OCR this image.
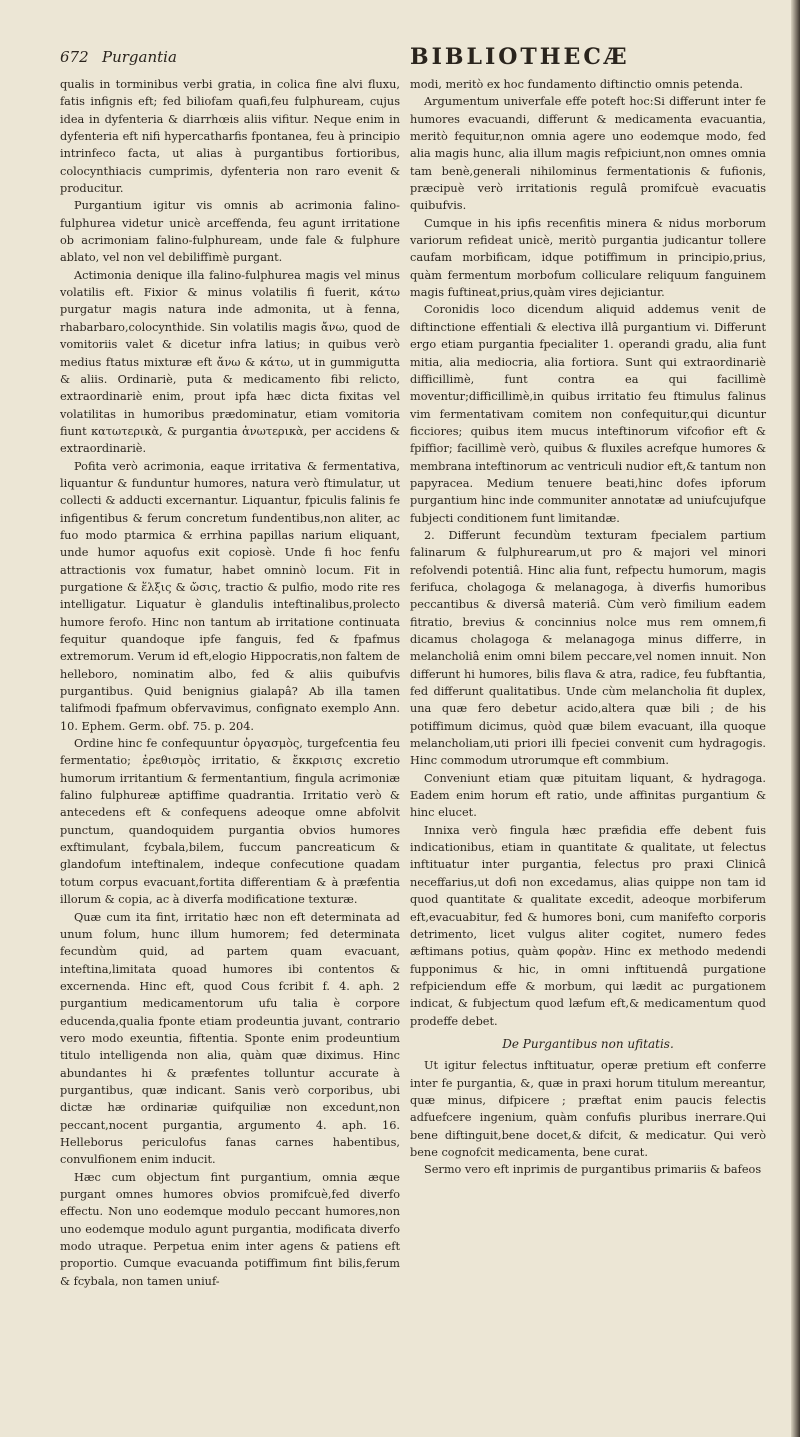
672 Purgantia	BIBLIOTHECÆ

qualis in torminibus verbi gratia, in colica fine alvi fluxu, fatis infignis eft; fed biliofam quafi,feu fulphuream, cujus idea in dyfenteria & diarrhœis aliis vifitur. Neque enim in dyfenteria eft nifi hypercatharfis fpontanea, feu à principio intrinfeco facta, ut alias à purgantibus fortioribus, colocynthiacis cumprimis, dyfenteria non raro evenit & producitur.

Purgantium igitur vis omnis ab acrimonia falino-fulphurea videtur unicè arceffenda, feu agunt irritatione ob acrimoniam falino-fulphuream, unde fale & fulphure ablato, vel non vel debiliffimè purgant.

Actimonia denique illa falino-fulphurea magis vel minus volatilis eft. Fixior & minus volatilis fi fuerit, κάτω purgatur magis natura inde admonita, ut à fenna, rhabarbaro,colocynthide. Sin volatilis magis ἄνω, quod de vomitoriis valet & dicetur infra latius; in quibus verò medius ftatus mixturæ eft ἄνω & κάτω, ut in gummigutta & aliis. Ordinariè, puta & medicamento fibi relicto, extraordinariè enim, prout ipfa hæc dicta fixitas vel volatilitas in humoribus prædominatur, etiam vomitoria fiunt κατωτερικὰ, & purgantia ἀνωτερικὰ, per accidens & extraordinariè.

Pofita verò acrimonia, eaque irritativa & fermentativa, liquantur & funduntur humores, natura verò ftimulatur, ut collecti & adducti excernantur. Liquantur, fpiculis falinis fe infigentibus & ferum concretum fundentibus,non aliter, ac fuo modo ptarmica & errhina papillas narium eliquant, unde humor aquofus exit copiosè. Unde fi hoc fenfu attractionis vox fumatur, habet omninò locum. Fit in purgatione & ἕλξις & ὤσις, tractio & pulfio, modo rite res intelligatur. Liquatur è glandulis inteftinalibus,prolecto humore ferofo. Hinc non tantum ab irritatione continuata fequitur quandoque ipfe fanguis, fed & fpafmus extremorum. Verum id eft,elogio Hippocratis,non faltem de helleboro, nominatim albo, fed & aliis quibufvis purgantibus. Quid benignius gialapâ? Ab illa tamen talifmodi fpafmum obfervavimus, confignato exemplo Ann. 10. Ephem. Germ. obf. 75. p. 204.

Ordine hinc fe confequuntur ὀργασμὸς, turgefcentia feu fermentatio; ἐρεθισμὸς irritatio, & ἔκκρισις excretio humorum irritantium & fermentantium, fingula acrimoniæ falino fulphureæ aptiffime quadrantia. Irritatio verò & antecedens eft & confequens adeoque omne abfolvit punctum, quandoquidem purgantia obvios humores exftimulant, fcybala,bilem, fuccum pancreaticum & glandofum inteftinalem, indeque confecutione quadam totum corpus evacuant,fortita differentiam & à præfentia illorum & copia, ac à diverfa modificatione texturæ.

Quæ cum ita fint, irritatio hæc non eft determinata ad unum folum, hunc illum humorem; fed determinata fecundùm quid, ad partem quam evacuant, inteftina,limitata quoad humores ibi contentos & excernenda. Hinc eft, quod Cous fcribit f. 4. aph. 2 purgantium medicamentorum ufu talia è corpore educenda,qualia fponte etiam prodeuntia juvant, contrario vero modo exeuntia, fiftentia. Sponte enim prodeuntium titulo intelligenda non alia, quàm quæ diximus. Hinc abundantes hi & præfentes tolluntur accurate à purgantibus, quæ indicant. Sanis verò corporibus, ubi dictæ hæ ordinariæ quifquiliæ non excedunt,non peccant,nocent purgantia, argumento 4. aph. 16. Helleborus periculofus fanas carnes habentibus, convulfionem enim inducit.

Hæc cum objectum fint purgantium, omnia æque purgant omnes humores obvios promifcuè,fed diverfo effectu. Non uno eodemque modulo peccant humores,non uno eodemque modulo agunt purgantia, modificata diverfo modo utraque. Perpetua enim inter agens & patiens eft proportio. Cumque evacuanda potiffimum fint bilis,ferum & fcybala, non tamen uniuf-

modi, meritò ex hoc fundamento diftinctio omnis petenda.

Argumentum univerfale effe poteft hoc:Si differunt inter fe humores evacuandi, differunt & medicamenta evacuantia, meritò fequitur,non omnia agere uno eodemque modo, fed alia magis hunc, alia illum magis refpiciunt,non omnes omnia tam benè,generali nihilominus fermentationis & fufionis, præcipuè verò irritationis regulâ promifcuè evacuatis quibufvis.

Cumque in his ipfis recenfitis minera & nidus morborum variorum refideat unicè, meritò purgantia judicantur tollere caufam morbificam, idque potiffimum in principio,prius, quàm fermentum morbofum colliculare reliquum fanguinem magis fuftineat,prius,quàm vires dejiciantur.

Coronidis loco dicendum aliquid addemus venit de diftinctione effentiali & electiva illâ purgantium vi. Differunt ergo etiam purgantia fpecialiter 1. operandi gradu, alia funt mitia, alia mediocria, alia fortiora. Sunt qui extraordinariè difficillimè, funt contra ea qui facillimè moventur;difficillimè,in quibus irritatio feu ftimulus falinus vim fermentativam comitem non confequitur,qui dicuntur ficciores; quibus item mucus inteftinorum vifcofior eft & fpiffior; facillimè verò, quibus & fluxiles acrefque humores & membrana inteftinorum ac ventriculi nudior eft,& tantum non papyracea. Medium tenuere beati,hinc dofes ipforum purgantium hinc inde communiter annotatæ ad uniufcujufque fubjecti conditionem funt limitandæ.

2. Differunt fecundùm texturam fpecialem partium falinarum & fulphurearum,ut pro & majori vel minori refolvendi potentiâ. Hinc alia funt, refpectu humorum, magis ferifuca, cholagoga & melanagoga, à diverfis humoribus peccantibus & diversâ materiâ. Cùm verò fimilium eadem fitratio, brevius & concinnius nolce mus rem omnem,fi dicamus cholagoga & melanagoga minus differre, in melancholiâ enim omni bilem peccare,vel nomen innuit. Non differunt hi humores, bilis flava & atra, radice, feu fubftantia, fed differunt qualitatibus. Unde cùm melancholia fit duplex, una quæ fero debetur acido,altera quæ bili ; de his potiffimum dicimus, quòd quæ bilem evacuant, illa quoque melancholiam,uti priori illi fpeciei convenit cum hydragogis. Hinc commodum utrorumque eft commbium.

Conveniunt etiam quæ pituitam liquant, & hydragoga. Eadem enim horum eft ratio, unde affinitas purgantium & hinc elucet.

Innixa verò fingula hæc præfidia effe debent fuis indicationibus, etiam in quantitate & qualitate, ut felectus inftituatur inter purgantia, felectus pro praxi Clinicâ neceffarius,ut dofi non excedamus, alias quippe non tam id quod quantitate & qualitate excedit, adeoque morbiferum eft,evacuabitur, fed & humores boni, cum manifefto corporis detrimento, licet vulgus aliter cogitet, numero fedes æftimans potius, quàm φορὰν. Hinc ex methodo medendi fupponimus & hic, in omni inftituendâ purgatione refpiciendum effe & morbum, qui lædit ac purgationem indicat, & fubjectum quod læfum eft,& medicamentum quod prodeffe debet.

De Purgantibus non ufitatis.

Ut igitur felectus inftituatur, operæ pretium eft conferre inter fe purgantia, &, quæ in praxi horum titulum mereantur, quæ minus, difpicere ; præftat enim paucis felectis adfuefcere ingenium, quàm confufis pluribus inerrare.Qui bene diftinguit,bene docet,& difcit, & medicatur. Qui verò bene cognofcit medicamenta, bene curat.

Sermo vero eft inprimis de purgantibus primariis & bafeos
